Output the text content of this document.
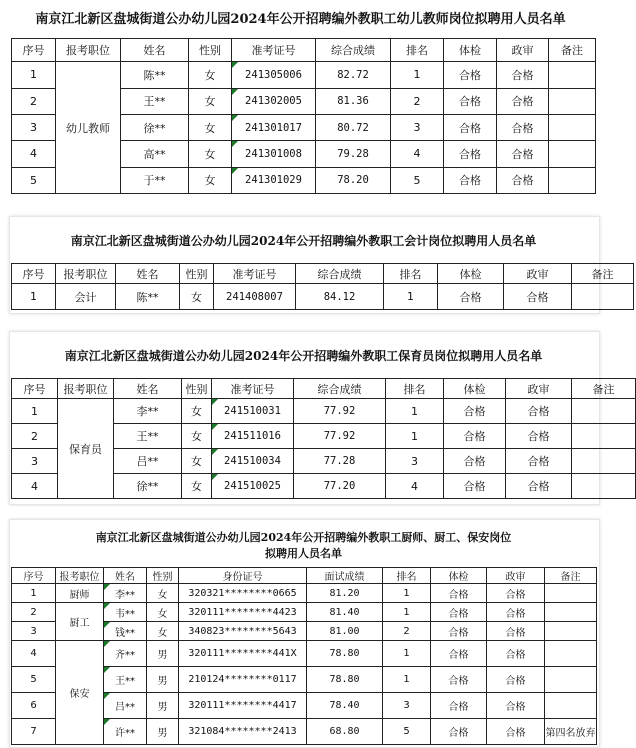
南京江北新区盘城街道公办幼儿园2024年公开招聘编外教职工幼儿教师岗位拟聘用人员名单
序号	报考职位	姓名	性别	准考证号	综合成绩	排名	体检	政审	备注
1	幼儿教师	陈**	女	241305006	82.72	1	合格	合格	
2		王**	女	241302005	81.36	2	合格	合格	
3		徐**	女	241301017	80.72	3	合格	合格	
4		高**	女	241301008	79.28	4	合格	合格	
5		于**	女	241301029	78.20	5	合格	合格	
南京江北新区盘城街道公办幼儿园2024年公开招聘编外教职工会计岗位拟聘用人员名单
序号	报考职位	姓名	性别	准考证号	综合成绩	排名	体检	政审	备注
1	会计	陈**	女	241408007	84.12	1	合格	合格	
南京江北新区盘城街道公办幼儿园2024年公开招聘编外教职工保育员岗位拟聘用人员名单
序号	报考职位	姓名	性别	准考证号	综合成绩	排名	体检	政审	备注
1	保育员	李**	女	241510031	77.92	1	合格	合格	
2		王**	女	241511016	77.92	1	合格	合格	
3		吕**	女	241510034	77.28	3	合格	合格	
4		徐**	女	241510025	77.20	4	合格	合格	
南京江北新区盘城街道公办幼儿园2024年公开招聘编外教职工厨师、厨工、保安岗位
拟聘用人员名单
序号	报考职位	姓名	性别	身份证号	面试成绩	排名	体检	政审	备注
1	厨师	李**	女	320321********0665	81.20	1	合格	合格	
2	厨工	韦**	女	320111********4423	81.40	1	合格	合格	
3		钱**	女	340823********5643	81.00	2	合格	合格	
4	保安	齐**	男	320111********441X	78.80	1	合格	合格	
5		王**	男	210124********0117	78.80	1	合格	合格	
6		吕**	男	320111********4417	78.40	3	合格	合格	
7		许**	男	321084********2413	68.80	5	合格	合格	第四名放弃
